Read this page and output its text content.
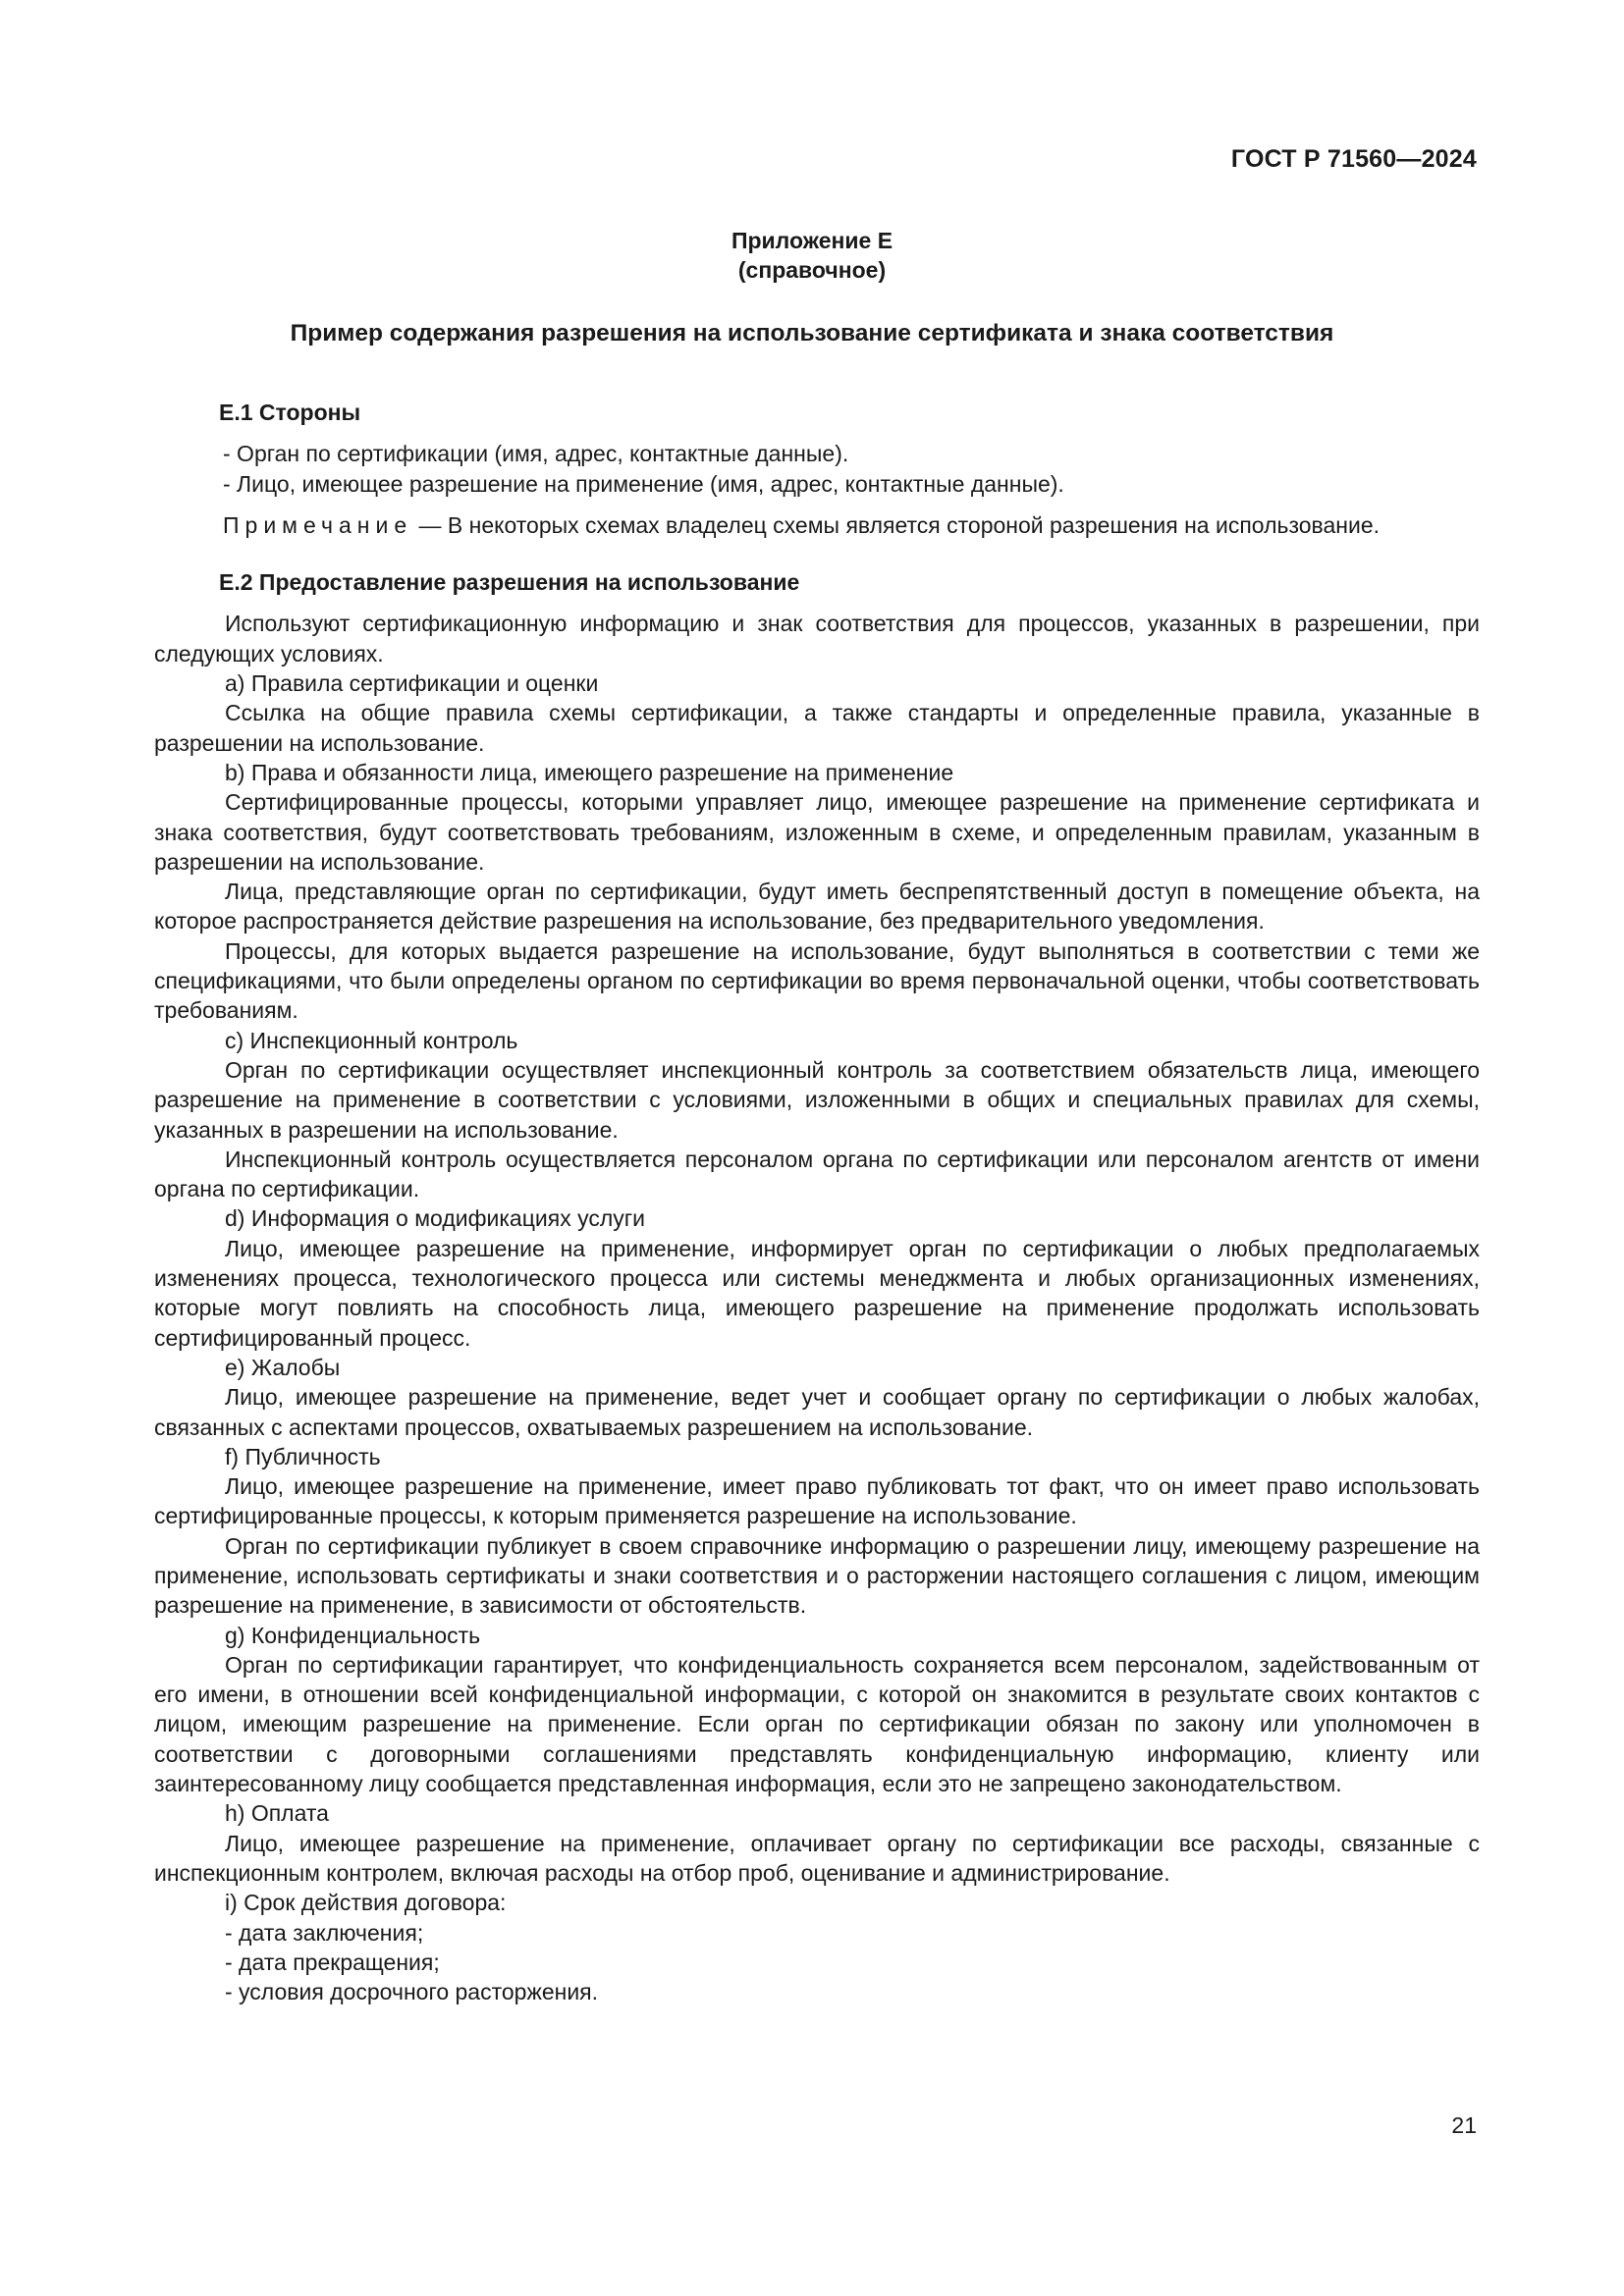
ГОСТ Р 71560—2024
Приложение Е
(справочное)
Пример содержания разрешения на использование сертификата и знака соответствия

Е.1 Стороны

- Орган по сертификации (имя, адрес, контактные данные).

- Лицо, имеющее разрешение на применение (имя, адрес, контактные данные).

Примечание — В некоторых схемах владелец схемы является стороной разрешения на использование.

Е.2 Предоставление разрешения на использование

Используют сертификационную информацию и знак соответствия для процессов, указанных в разрешении, при следующих условиях.

a) Правила сертификации и оценки

Ссылка на общие правила схемы сертификации, а также стандарты и определенные правила, указанные в разрешении на использование.

b) Права и обязанности лица, имеющего разрешение на применение

Сертифицированные процессы, которыми управляет лицо, имеющее разрешение на применение сертификата и знака соответствия, будут соответствовать требованиям, изложенным в схеме, и определенным правилам, указанным в разрешении на использование.

Лица, представляющие орган по сертификации, будут иметь беспрепятственный доступ в помещение объекта, на которое распространяется действие разрешения на использование, без предварительного уведомления.

Процессы, для которых выдается разрешение на использование, будут выполняться в соответствии с теми же спецификациями, что были определены органом по сертификации во время первоначальной оценки, чтобы соответствовать требованиям.

c) Инспекционный контроль

Орган по сертификации осуществляет инспекционный контроль за соответствием обязательств лица, имеющего разрешение на применение в соответствии с условиями, изложенными в общих и специальных правилах для схемы, указанных в разрешении на использование.

Инспекционный контроль осуществляется персоналом органа по сертификации или персоналом агентств от имени органа по сертификации.

d) Информация о модификациях услуги

Лицо, имеющее разрешение на применение, информирует орган по сертификации о любых предполагаемых изменениях процесса, технологического процесса или системы менеджмента и любых организационных изменениях, которые могут повлиять на способность лица, имеющего разрешение на применение продолжать использовать сертифицированный процесс.

e) Жалобы

Лицо, имеющее разрешение на применение, ведет учет и сообщает органу по сертификации о любых жалобах, связанных с аспектами процессов, охватываемых разрешением на использование.

f) Публичность

Лицо, имеющее разрешение на применение, имеет право публиковать тот факт, что он имеет право использовать сертифицированные процессы, к которым применяется разрешение на использование.

Орган по сертификации публикует в своем справочнике информацию о разрешении лицу, имеющему разрешение на применение, использовать сертификаты и знаки соответствия и о расторжении настоящего соглашения с лицом, имеющим разрешение на применение, в зависимости от обстоятельств.

g) Конфиденциальность

Орган по сертификации гарантирует, что конфиденциальность сохраняется всем персоналом, задействованным от его имени, в отношении всей конфиденциальной информации, с которой он знакомится в результате своих контактов с лицом, имеющим разрешение на применение. Если орган по сертификации обязан по закону или уполномочен в соответствии с договорными соглашениями представлять конфиденциальную информацию, клиенту или заинтересованному лицу сообщается представленная информация, если это не запрещено законодательством.

h) Оплата

Лицо, имеющее разрешение на применение, оплачивает органу по сертификации все расходы, связанные с инспекционным контролем, включая расходы на отбор проб, оценивание и администрирование.

i) Срок действия договора:

- дата заключения;

- дата прекращения;

- условия досрочного расторжения.

21
